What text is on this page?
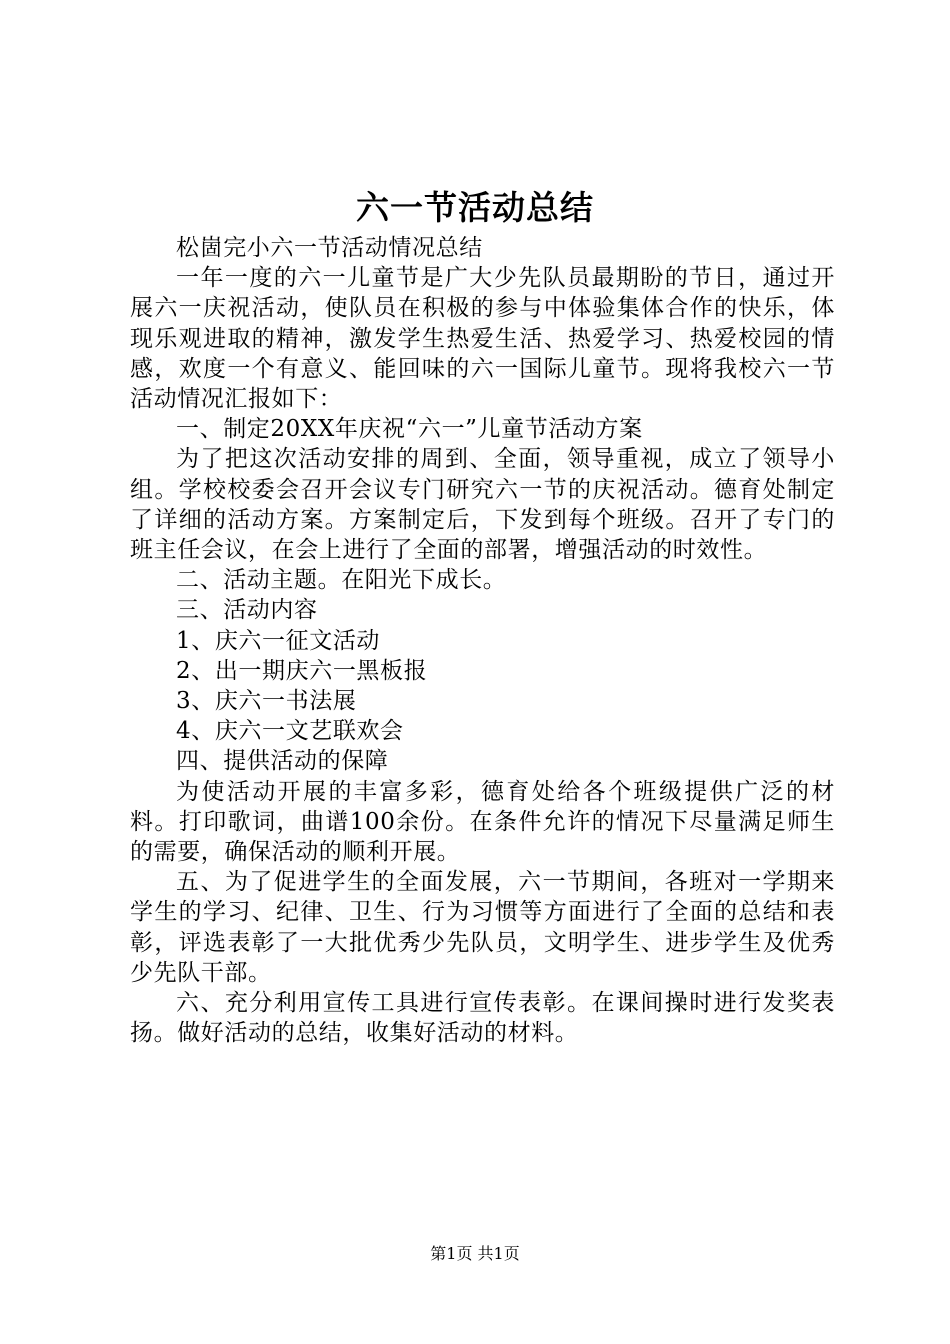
六一节活动总结

松崮完小六一节活动情况总结

一年一度的六一儿童节是广大少先队员最期盼的节日，通过开展六一庆祝活动，使队员在积极的参与中体验集体合作的快乐，体现乐观进取的精神，激发学生热爱生活、热爱学习、热爱校园的情感，欢度一个有意义、能回味的六一国际儿童节。现将我校六一节活动情况汇报如下：

一、制定20XX年庆祝“六一”儿童节活动方案

为了把这次活动安排的周到、全面，领导重视，成立了领导小组。学校校委会召开会议专门研究六一节的庆祝活动。德育处制定了详细的活动方案。方案制定后，下发到每个班级。召开了专门的班主任会议，在会上进行了全面的部署，增强活动的时效性。

二、活动主题。在阳光下成长。

三、活动内容

1、庆六一征文活动

2、出一期庆六一黑板报

3、庆六一书法展

4、庆六一文艺联欢会

四、提供活动的保障

为使活动开展的丰富多彩，德育处给各个班级提供广泛的材料。打印歌词，曲谱100余份。在条件允许的情况下尽量满足师生的需要，确保活动的顺利开展。

五、为了促进学生的全面发展，六一节期间，各班对一学期来学生的学习、纪律、卫生、行为习惯等方面进行了全面的总结和表彰，评选表彰了一大批优秀少先队员，文明学生、进步学生及优秀少先队干部。

六、充分利用宣传工具进行宣传表彰。在课间操时进行发奖表扬。做好活动的总结，收集好活动的材料。

第1页 共1页
